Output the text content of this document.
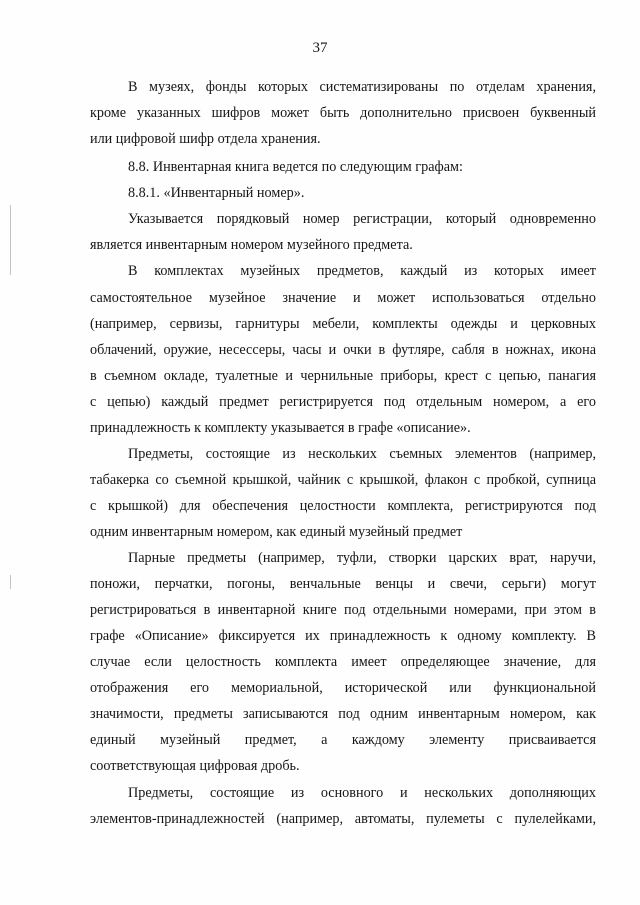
37
В музеях, фонды которых систематизированы по отделам хранения,
кроме указанных шифров может быть дополнительно присвоен буквенный
или цифровой шифр отдела хранения.
8.8. Инвентарная книга ведется по следующим графам:
8.8.1. «Инвентарный номер».
Указывается порядковый номер регистрации, который одновременно
является инвентарным номером музейного предмета.
В комплектах музейных предметов, каждый из которых имеет
самостоятельное музейное значение и может использоваться отдельно
(например, сервизы, гарнитуры мебели, комплекты одежды и церковных
облачений, оружие, несессеры, часы и очки в футляре, сабля в ножнах, икона
в съемном окладе, туалетные и чернильные приборы, крест с цепью, панагия
с цепью) каждый предмет регистрируется под отдельным номером, а его
принадлежность к комплекту указывается в графе «описание».
Предметы, состоящие из нескольких съемных элементов (например,
табакерка со съемной крышкой, чайник с крышкой, флакон с пробкой, супница
с крышкой) для обеспечения целостности комплекта, регистрируются под
одним инвентарным номером, как единый музейный предмет
Парные предметы (например, туфли, створки царских врат, наручи,
поножи, перчатки, погоны, венчальные венцы и свечи, серьги) могут
регистрироваться в инвентарной книге под отдельными номерами, при этом в
графе «Описание» фиксируется их принадлежность к одному комплекту. В
случае если целостность комплекта имеет определяющее значение, для
отображения его мемориальной, исторической или функциональной
значимости, предметы записываются под одним инвентарным номером, как
единый музейный предмет, а каждому элементу присваивается
соответствующая цифровая дробь.
Предметы, состоящие из основного и нескольких дополняющих
элементов-принадлежностей (например, автоматы, пулеметы с пулелейками,
